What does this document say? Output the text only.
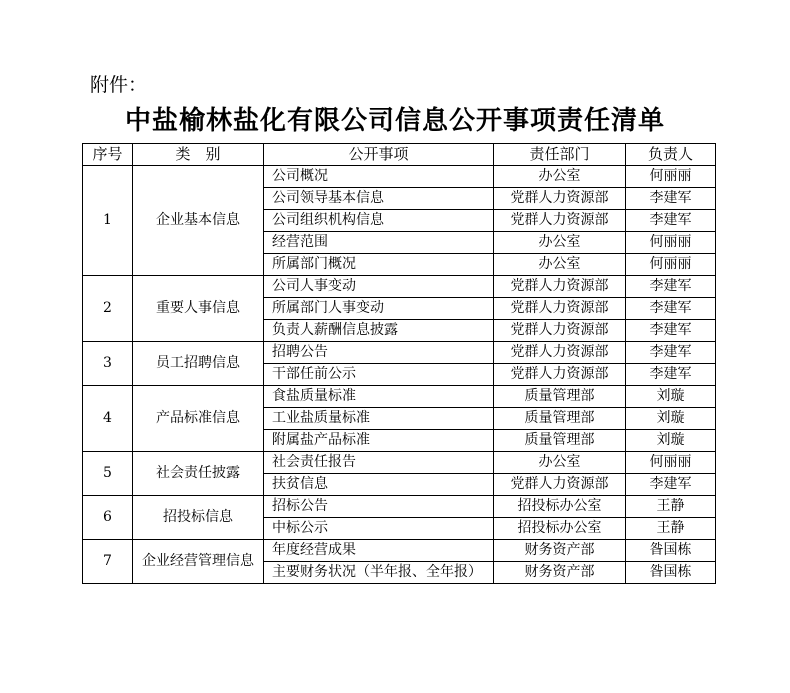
附件：
中盐榆林盐化有限公司信息公开事项责任清单
序号	类　别	公开事项	责任部门	负责人
1	企业基本信息	公司概况	办公室	何丽丽
		公司领导基本信息	党群人力资源部	李建军
		公司组织机构信息	党群人力资源部	李建军
		经营范围	办公室	何丽丽
		所属部门概况	办公室	何丽丽
2	重要人事信息	公司人事变动	党群人力资源部	李建军
		所属部门人事变动	党群人力资源部	李建军
		负责人薪酬信息披露	党群人力资源部	李建军
3	员工招聘信息	招聘公告	党群人力资源部	李建军
		干部任前公示	党群人力资源部	李建军
4	产品标准信息	食盐质量标准	质量管理部	刘璇
		工业盐质量标准	质量管理部	刘璇
		附属盐产品标准	质量管理部	刘璇
5	社会责任披露	社会责任报告	办公室	何丽丽
		扶贫信息	党群人力资源部	李建军
6	招投标信息	招标公告	招投标办公室	王静
		中标公示	招投标办公室	王静
7	企业经营管理信息	年度经营成果	财务资产部	昝国栋
		主要财务状况（半年报、全年报）	财务资产部	昝国栋
